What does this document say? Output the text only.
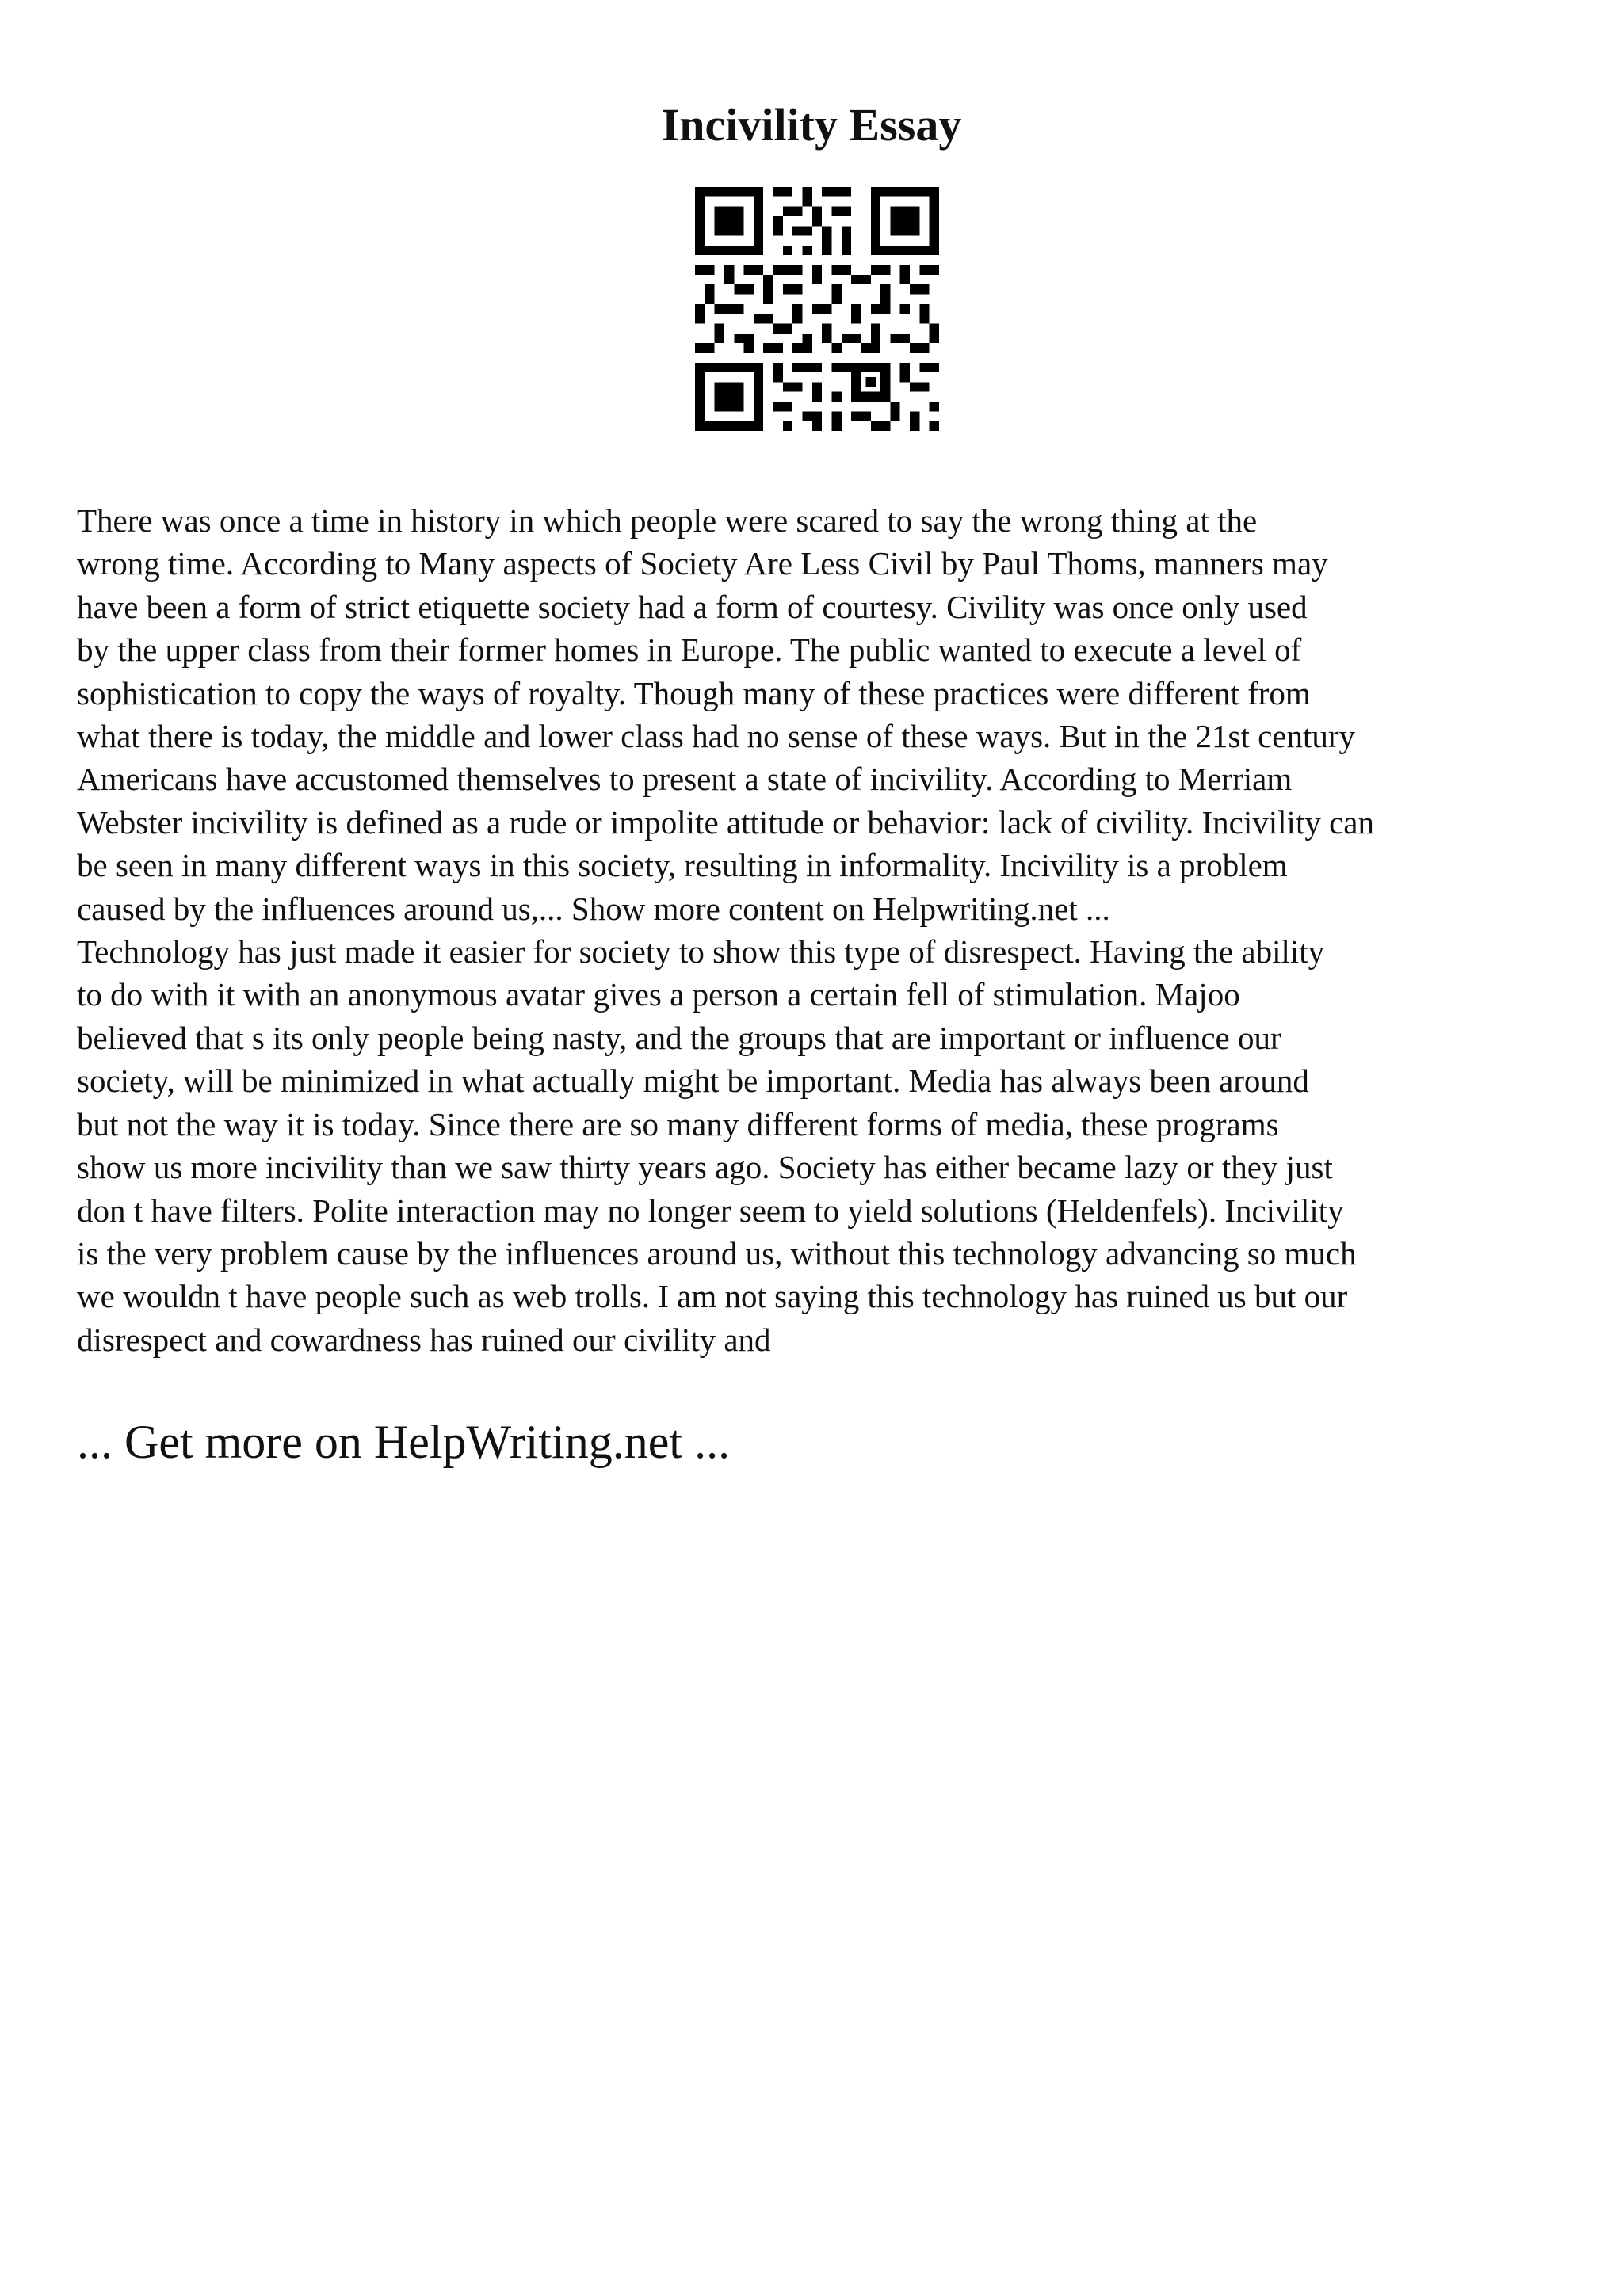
Incivility Essay
There was once a time in history in which people were scared to say the wrong thing at the
wrong time. According to Many aspects of Society Are Less Civil by Paul Thoms, manners may
have been a form of strict etiquette society had a form of courtesy. Civility was once only used
by the upper class from their former homes in Europe. The public wanted to execute a level of
sophistication to copy the ways of royalty. Though many of these practices were different from
what there is today, the middle and lower class had no sense of these ways. But in the 21st century
Americans have accustomed themselves to present a state of incivility. According to Merriam
Webster incivility is defined as a rude or impolite attitude or behavior: lack of civility. Incivility can
be seen in many different ways in this society, resulting in informality. Incivility is a problem
caused by the influences around us,... Show more content on Helpwriting.net ...
Technology has just made it easier for society to show this type of disrespect. Having the ability
to do with it with an anonymous avatar gives a person a certain fell of stimulation. Majoo
believed that s its only people being nasty, and the groups that are important or influence our
society, will be minimized in what actually might be important. Media has always been around
but not the way it is today. Since there are so many different forms of media, these programs
show us more incivility than we saw thirty years ago. Society has either became lazy or they just
don t have filters. Polite interaction may no longer seem to yield solutions (Heldenfels). Incivility
is the very problem cause by the influences around us, without this technology advancing so much
we wouldn t have people such as web trolls. I am not saying this technology has ruined us but our
disrespect and cowardness has ruined our civility and

... Get more on HelpWriting.net ...
